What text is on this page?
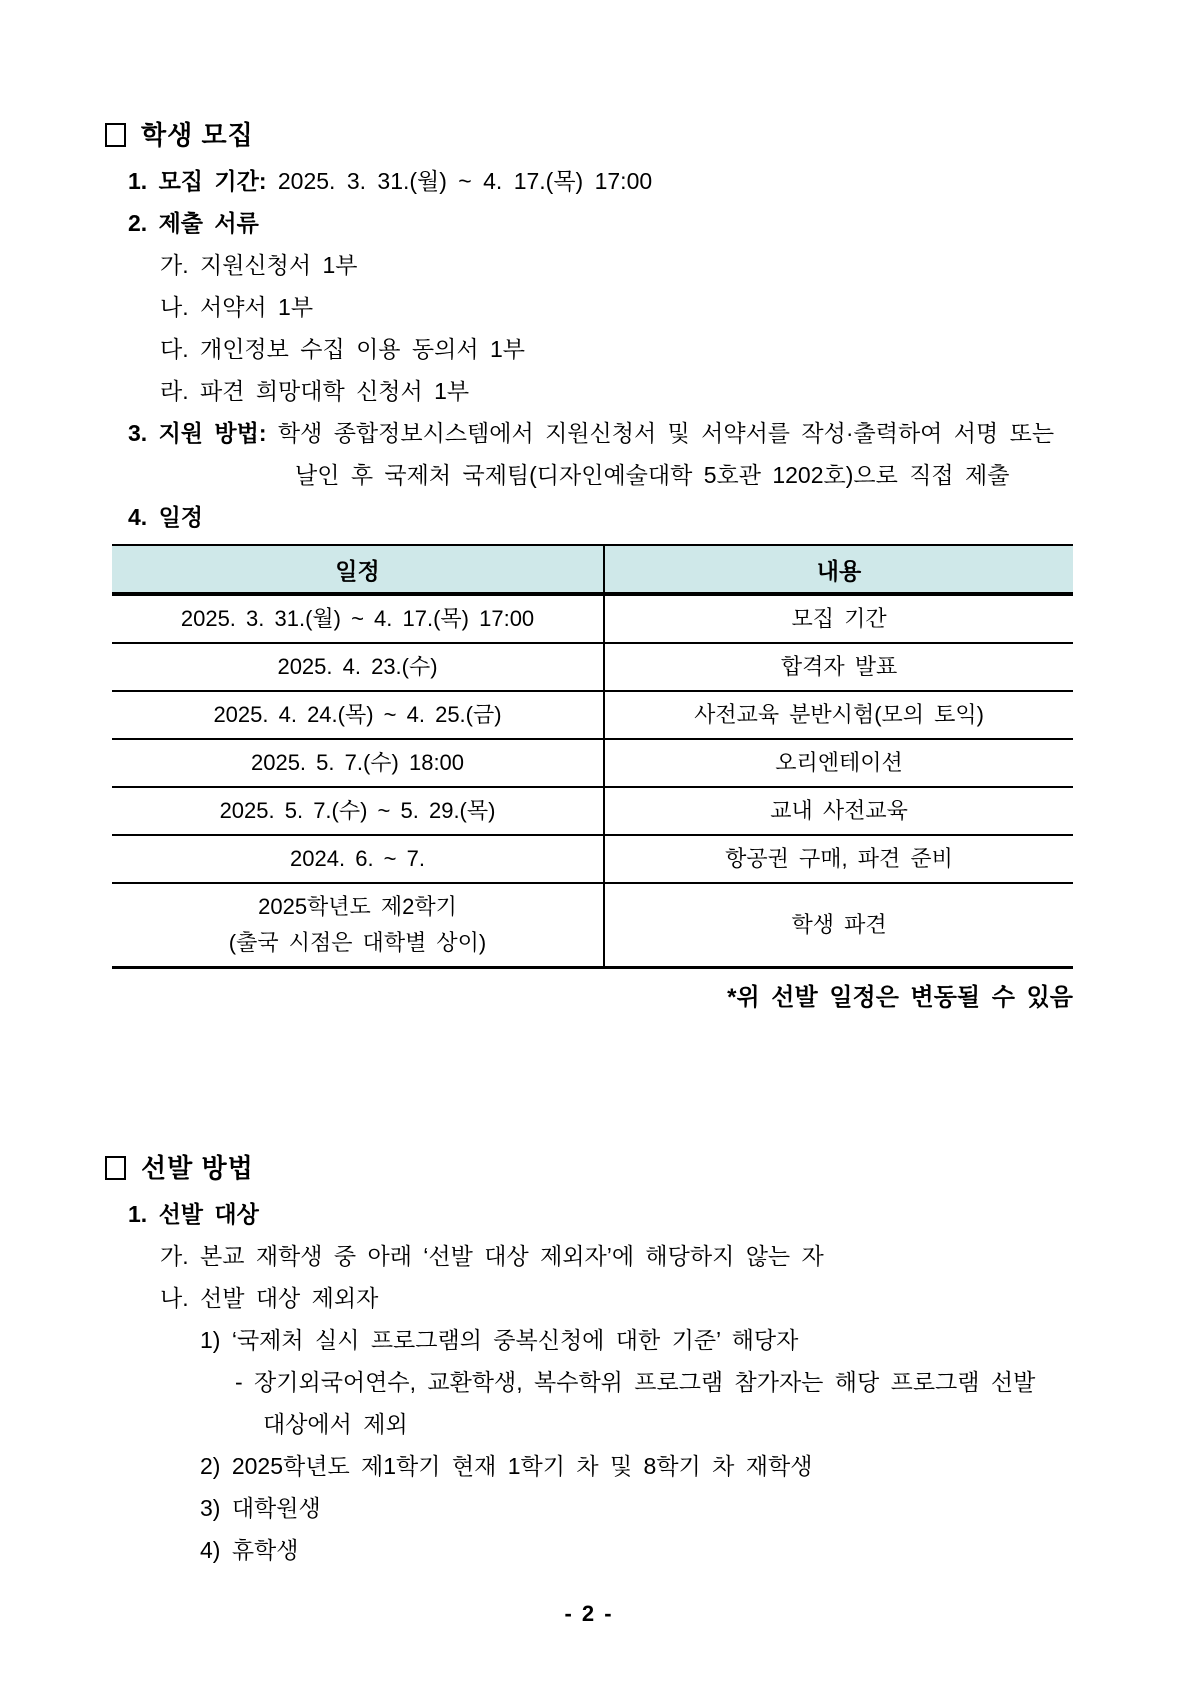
학생 모집
1. 모집 기간: 2025. 3. 31.(월) ~ 4. 17.(목) 17:00
2. 제출 서류
가. 지원신청서 1부
나. 서약서 1부
다. 개인정보 수집 이용 동의서 1부
라. 파견 희망대학 신청서 1부
3. 지원 방법: 학생 종합정보시스템에서 지원신청서 및 서약서를 작성·출력하여 서명 또는
날인 후 국제처 국제팀(디자인예술대학 5호관 1202호)으로 직접 제출
4. 일정
일정	내용
2025. 3. 31.(월) ~ 4. 17.(목) 17:00	모집 기간
2025. 4. 23.(수)	합격자 발표
2025. 4. 24.(목) ~ 4. 25.(금)	사전교육 분반시험(모의 토익)
2025. 5. 7.(수) 18:00	오리엔테이션
2025. 5. 7.(수) ~ 5. 29.(목)	교내 사전교육
2024. 6. ~ 7.	항공권 구매, 파견 준비

2025학년도 제2학기
(출국 시점은 대학별 상이)	학생 파견
*위 선발 일정은 변동될 수 있음
선발 방법
1. 선발 대상
가. 본교 재학생 중 아래 ‘선발 대상 제외자’에 해당하지 않는 자
나. 선발 대상 제외자
1) ‘국제처 실시 프로그램의 중복신청에 대한 기준’ 해당자
- 장기외국어연수, 교환학생, 복수학위 프로그램 참가자는 해당 프로그램 선발
대상에서 제외
2) 2025학년도 제1학기 현재 1학기 차 및 8학기 차 재학생
3) 대학원생
4) 휴학생
- 2 -
